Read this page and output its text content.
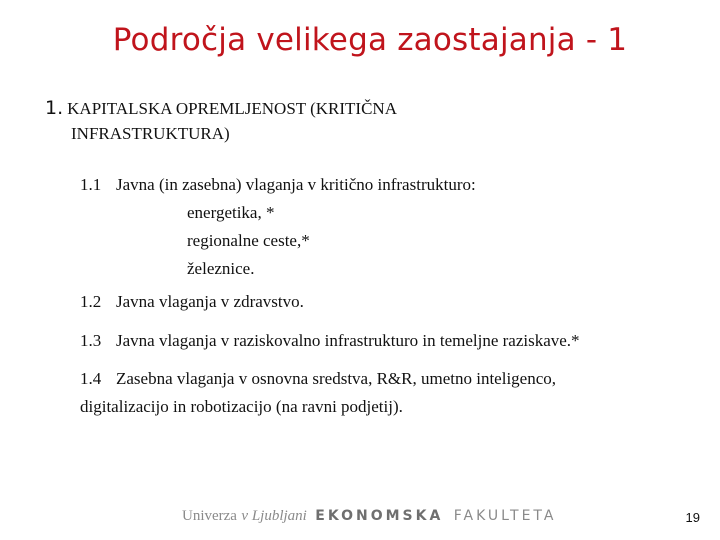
Področja velikega zaostajanja - 1
1. KAPITALSKA OPREMLJENOST (KRITIČNA
INFRASTRUKTURA)
1.1 Javna (in zasebna) vlaganja v kritično infrastrukturo:
energetika, *
regionalne ceste,*
železnice.
1.2 Javna vlaganja v zdravstvo.
1.3 Javna vlaganja v raziskovalno infrastrukturo in temeljne raziskave.*
1.4 Zasebna vlaganja v osnovna sredstva, R&R, umetno inteligenco,
digitalizacijo in robotizacijo (na ravni podjetij).
Univerza v Ljubljani EKONOMSKA FAKULTETA	19
